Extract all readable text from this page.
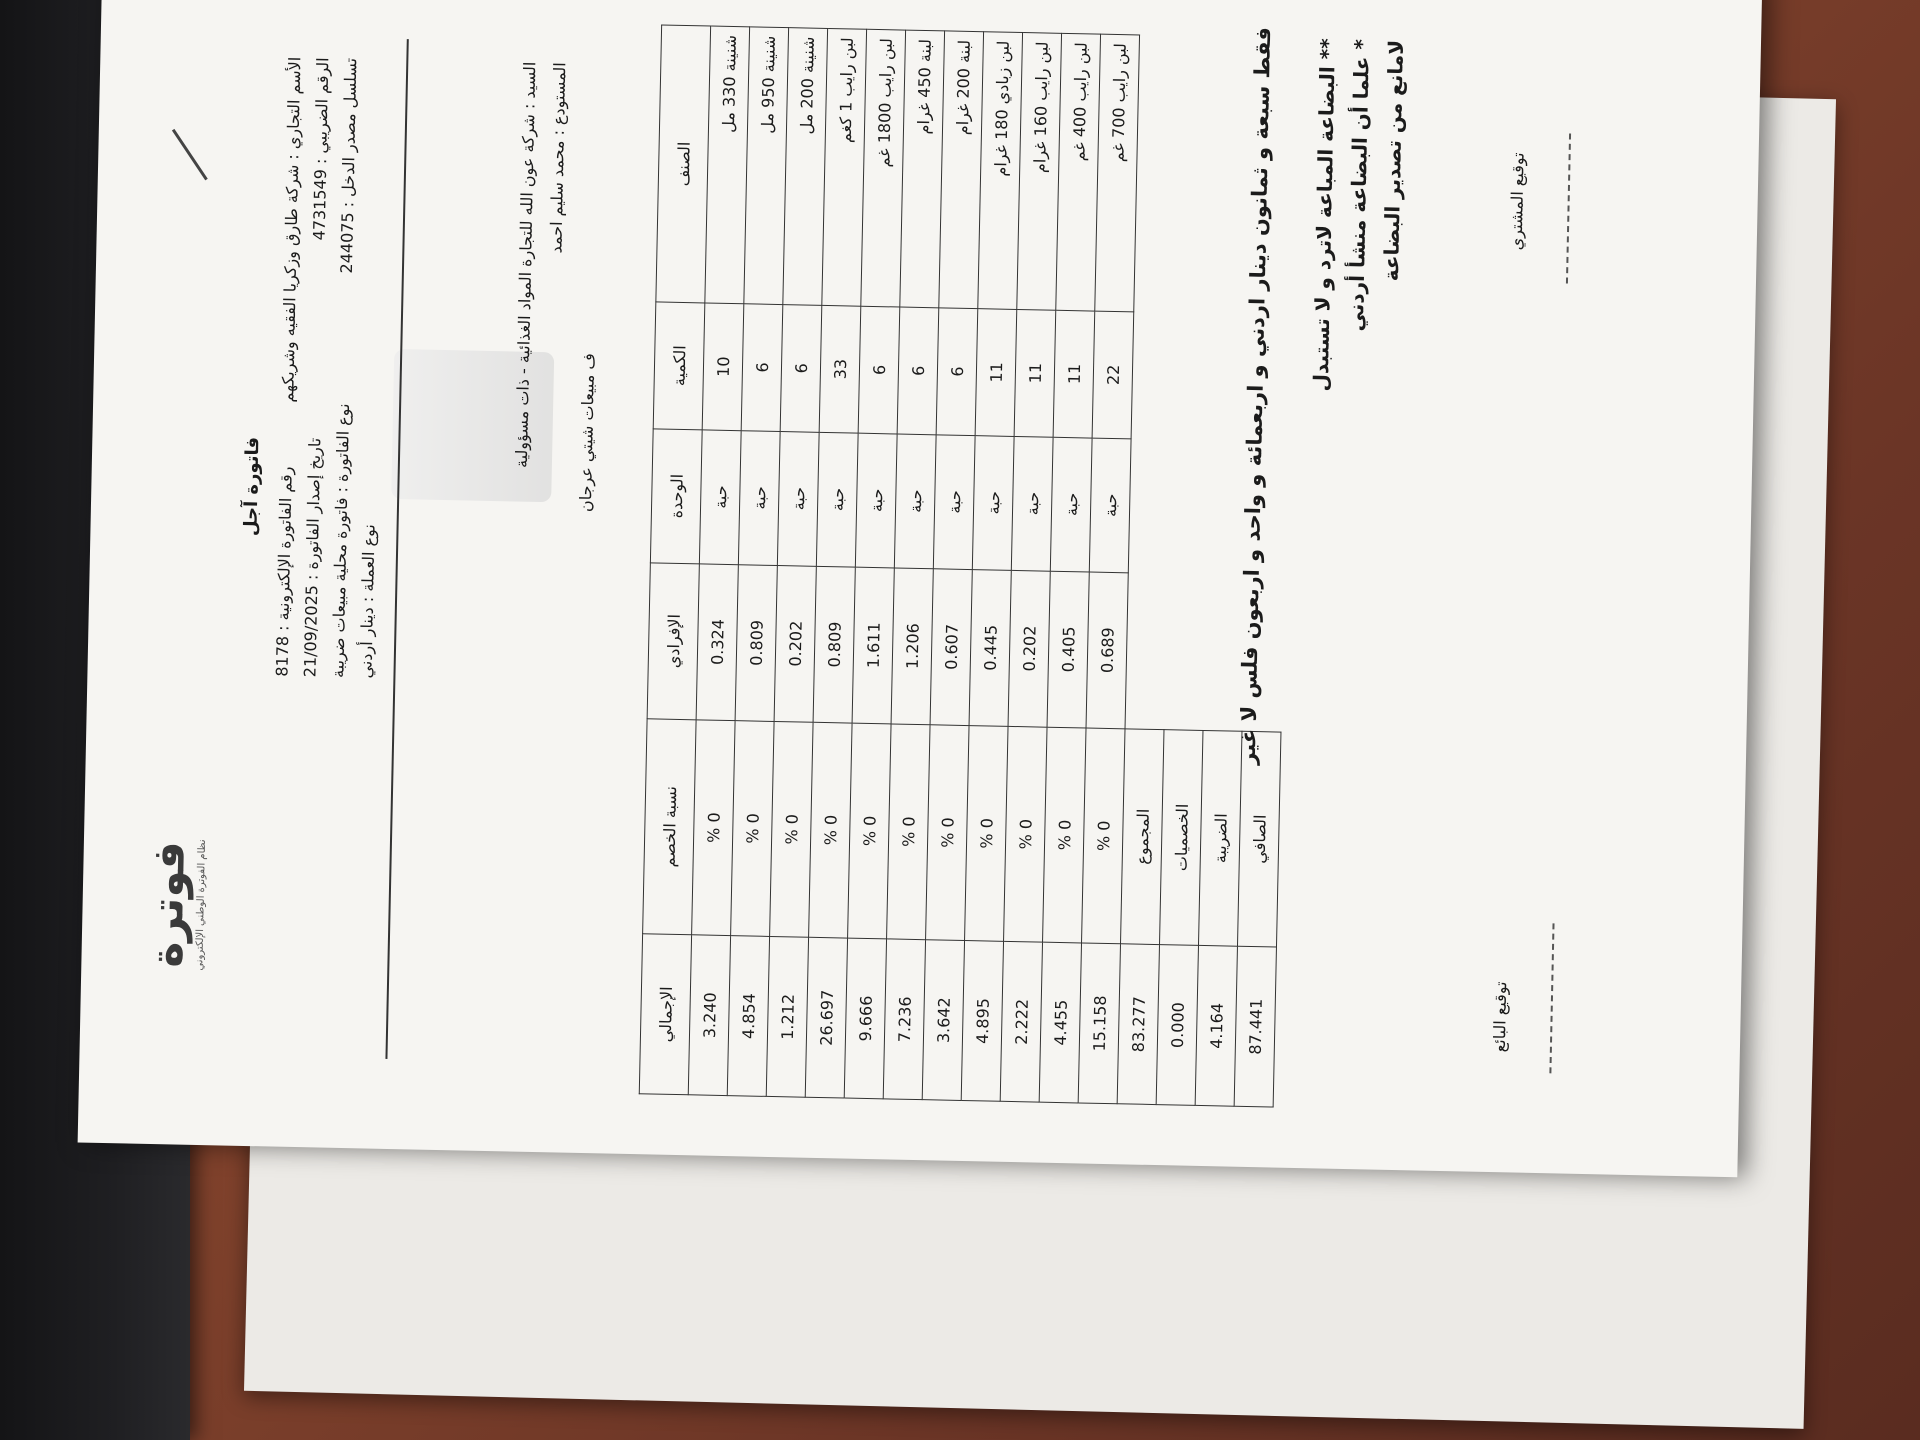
فوترة نظام الفوترة الوطني الإلكتروني
فاتورة آجل رقم الفاتورة الإلكترونية : 8178
تاريخ إصدار الفاتورة : 21/09/2025
نوع الفاتورة : فاتورة محلية مبيعات ضريبة نوع العملة : دينار أردني
الأسم التجاري : شركة طارق وزكريا الفقيه وشريكهم
الرقم الضريبي : 4731549 تسلسل مصدر الدخل : 244075
السيد : شركة عون الله للتجارة المواد الغذائية - ذات مسؤولية
المستودع : محمد سليم احمد
ف مبيعات شيتي عرجان
الصنف	الكمية	الوحدة	الإفرادي	نسبة الخصم	الإجمالي
شنينة 330 مل	10	حبة	0.324	0 %	3.240
شنينة 950 مل	6	حبة	0.809	0 %	4.854
شنينة 200 مل	6	حبة	0.202	0 %	1.212
لبن رايب 1 كغم	33	حبة	0.809	0 %	26.697
لبن رايب 1800 غم	6	حبة	1.611	0 %	9.666
لبنة 450 غرام	6	حبة	1.206	0 %	7.236
لبنة 200 غرام	6	حبة	0.607	0 %	3.642
لبن زبادي 180 غرام	11	حبة	0.445	0 %	4.895
لبن رايب 160 غرام	11	حبة	0.202	0 %	2.222
لبن رايب 400 غم	11	حبة	0.405	0 %	4.455
لبن رايب 700 غم	22	حبة	0.689	0 %	15.158
				المجموع	83.277
				الخصميات	0.000
				الضريبة	4.164
				الصافي	87.441
فقط سبعة و ثمانون دينار اردني و اربعمائة و واحد و اربعون فلس لا غير ** البضاعة المباعة لاترد و لا تستبدل * علما أن البضاعة منشأ أردني لامانع من تصدير البضاعة	توقيع المشتري
توقيع البائع
